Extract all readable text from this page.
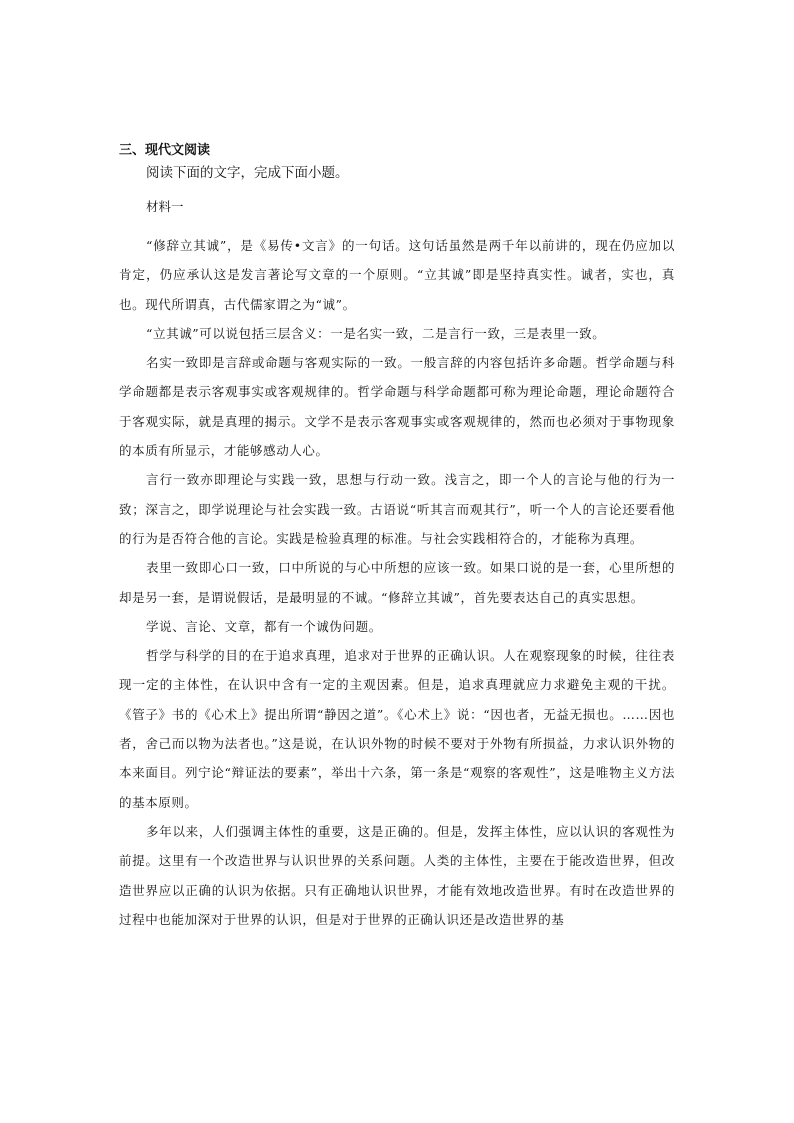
三、现代文阅读
阅读下面的文字，完成下面小题。
材料一

“修辞立其诚”，是《易传•文言》的一句话。这句话虽然是两千年以前讲的，现在仍应加以肯定，仍应承认这是发言著论写文章的一个原则。“立其诚”即是坚持真实性。诚者，实也，真也。现代所谓真，古代儒家谓之为“诚”。

“立其诚”可以说包括三层含义：一是名实一致，二是言行一致，三是表里一致。

名实一致即是言辞或命题与客观实际的一致。一般言辞的内容包括许多命题。哲学命题与科学命题都是表示客观事实或客观规律的。哲学命题与科学命题都可称为理论命题，理论命题符合于客观实际，就是真理的揭示。文学不是表示客观事实或客观规律的，然而也必须对于事物现象的本质有所显示，才能够感动人心。

言行一致亦即理论与实践一致，思想与行动一致。浅言之，即一个人的言论与他的行为一致；深言之，即学说理论与社会实践一致。古语说“听其言而观其行”，听一个人的言论还要看他的行为是否符合他的言论。实践是检验真理的标准。与社会实践相符合的，才能称为真理。

表里一致即心口一致，口中所说的与心中所想的应该一致。如果口说的是一套，心里所想的却是另一套，是谓说假话，是最明显的不诚。“修辞立其诚”，首先要表达自己的真实思想。

学说、言论、文章，都有一个诚伪问题。

哲学与科学的目的在于追求真理，追求对于世界的正确认识。人在观察现象的时候，往往表现一定的主体性，在认识中含有一定的主观因素。但是，追求真理就应力求避免主观的干扰。《管子》书的《心术上》提出所谓“静因之道”。《心术上》说：“因也者，无益无损也。……因也者，舍己而以物为法者也。”这是说，在认识外物的时候不要对于外物有所损益，力求认识外物的本来面目。列宁论“辩证法的要素”，举出十六条，第一条是“观察的客观性”，这是唯物主义方法的基本原则。

多年以来，人们强调主体性的重要，这是正确的。但是，发挥主体性，应以认识的客观性为前提。这里有一个改造世界与认识世界的关系问题。人类的主体性，主要在于能改造世界，但改造世界应以正确的认识为依据。只有正确地认识世界，才能有效地改造世界。有时在改造世界的过程中也能加深对于世界的认识，但是对于世界的正确认识还是改造世界的基
